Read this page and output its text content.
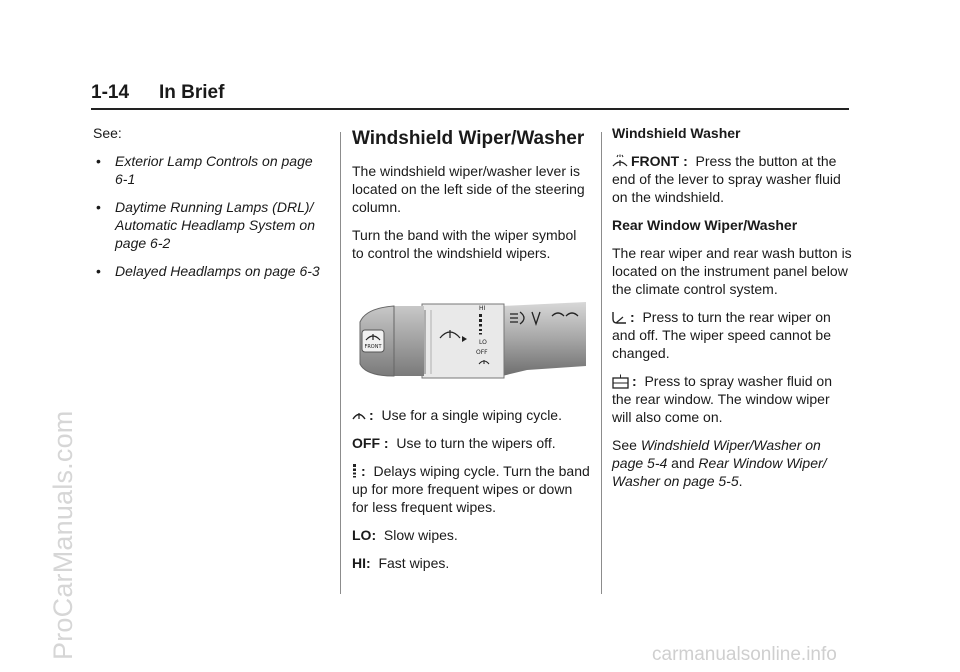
ProCarManuals.com	carmanualsonline.info
1-14 In Brief

See:

• Exterior Lamp Controls on page 6-1
• Daytime Running Lamps (DRL)/ Automatic Headlamp System on page 6-2
• Delayed Headlamps on page 6-3
Windshield Wiper/Washer

The windshield wiper/washer lever is located on the left side of the steering column.

Turn the band with the wiper symbol to control the windshield wipers.

FRONT
HI
LO
OFF

: Use for a single wiping cycle.

OFF : Use to turn the wipers off.

: Delays wiping cycle. Turn the band up for more frequent wipes or down for less frequent wipes.

LO: Slow wipes.

HI: Fast wipes.

Windshield Washer

FRONT : Press the button at the end of the lever to spray washer fluid on the windshield.

Rear Window Wiper/Washer

The rear wiper and rear wash button is located on the instrument panel below the climate control system.

: Press to turn the rear wiper on and off. The wiper speed cannot be changed.

: Press to spray washer fluid on the rear window. The window wiper will also come on.

See Windshield Wiper/Washer on page 5-4 and Rear Window Wiper/ Washer on page 5-5.
